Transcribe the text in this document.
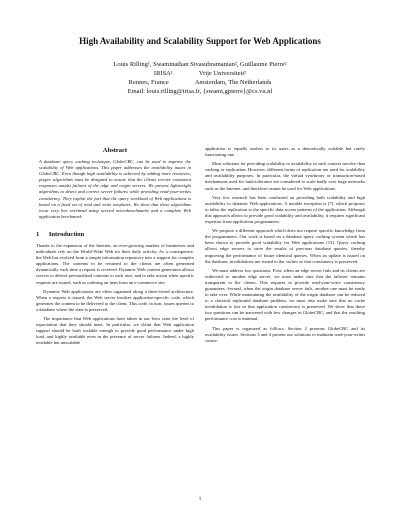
High Availability and Scalability Support for Web Applications
Louis Rilling¹, Swaminathan Sivasubramanian², Guillaume Pierre²
IRISA¹	Vrije Universiteit²
Rennes, France	Amsterdam, The Netherlands
Email: louis.rilling@irisa.fr, {swami,gpierre}@cs.vu.nl
Abstract
A database query caching technique, GlobeCBC, can be used to improve the scalability of Web applications. This paper addresses the availability issues in GlobeCBC. Even though high availability is achieved by adding more resources, proper algorithms must be designed to ensure that the clients receive consistent responses amidst failures of the edge and origin servers. We present lightweight algorithms to detect and correct server failures while providing read-your-writes consistency. They exploit the fact that the query workload of Web applications is based on a fixed set of read and write templates. We show that these algorithms incur very low overhead using several microbenchmarks and a complete Web application benchmark.
1 Introduction

Thanks to the expansion of the Internet, an ever-growing number of businesses and individuals rely on the World-Wide Web for their daily activity. As a consequence, the Web has evolved from a simple information repository into a support for complex applications. The contents to be returned to the clients are often generated dynamically each time a request is received. Dynamic Web content generation allows servers to deliver personalized contents to each user, and to take action when specific requests are issued, such as ordering an item from an e-commerce site.

Dynamic Web applications are often organized along a three-tiered architecture. When a request is issued, the Web server invokes application-specific code, which generates the content to be delivered to the client. This code, in turn, issues queries to a database where the state is preserved.

The importance that Web applications have taken in our lives raise the level of expectation that they should meet. In particular, we claim that Web application support should be both scalable enough to provide good performance under high load, and highly available even in the presence of server failures. Indeed, a highly available but unscalable

application is equally useless to its users as a theoretically scalable but rarely functioning one.

Most solutions for providing scalability or availability in such context involve data caching or replication. However, different forms of replication are used for scalability and availability purposes. In particular, the virtual synchrony or transaction-based mechanisms used for fault-tolerance are considered to scale badly over large networks such as the Internet, and therefore cannot be used for Web applications.

Very few research has been conducted on providing both scalability and high availability to dynamic Web applications. A notable exception is [7], which proposes to tailor the replication to the specific data access patterns of the application. Although this approach allows to provide good scalability and availability, it requires significant expertise from application programmers.

We propose a different approach which does not require specific knowledge from the programmers. Our work is based on a database query caching system which has been shown to provide good scalability for Web applications [13]. Query caching allows edge servers to store the results of previous database queries, thereby improving the performance of future identical queries. When an update is issued on the database, invalidations are issued to the caches so that consistency is preserved.

We must address two questions. First, when an edge server fails and its clients are redirected to another edge server, we must make sure that the failover remains transparent to the clients. This requires to provide read-your-write consistency guarantees. Second, when the origin database server fails, another one must be ready to take over. While maintaining the availability of the origin database can be reduced to a classical replicated database problem, we must also make sure that no cache invalidation is lost so that application consistency is preserved. We show that these two questions can be answered with few changes in GlobeCBC, and that the resulting performance cost is minimal.

This paper is organized as follows. Section 2 presents GlobeCBC and its availability issues. Sections 3 and 4 present our solutions to maintain read-your-writes consis-

1
